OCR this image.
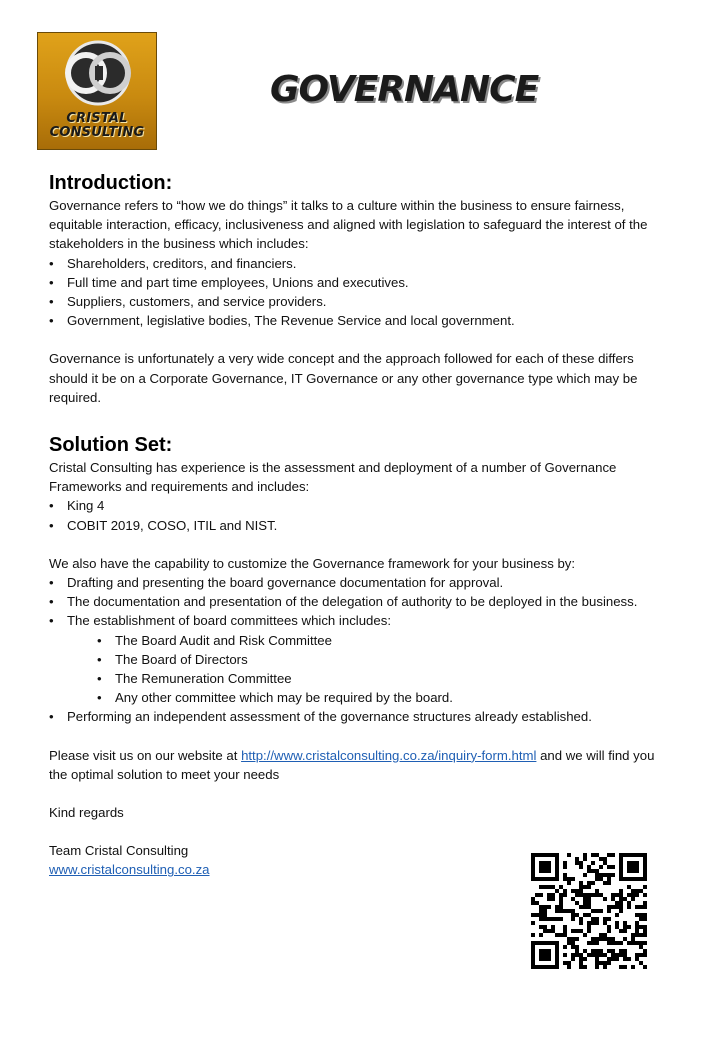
CRISTAL
CONSULTING
GOVERNANCE
Introduction:

Governance refers to “how we do things” it talks to a culture within the business to ensure fairness, equitable interaction, efficacy, inclusiveness and aligned with legislation to safeguard the interest of the stakeholders in the business which includes:

• Shareholders, creditors, and financiers.
• Full time and part time employees, Unions and executives.
• Suppliers, customers, and service providers.
• Government, legislative bodies, The Revenue Service and local government.

Governance is unfortunately a very wide concept and the approach followed for each of these differs should it be on a Corporate Governance, IT Governance or any other governance type which may be required.

Solution Set:

Cristal Consulting has experience is the assessment and deployment of a number of Governance Frameworks and requirements and includes:

• King 4
• COBIT 2019, COSO, ITIL and NIST.

We also have the capability to customize the Governance framework for your business by:

• Drafting and presenting the board governance documentation for approval.
• The documentation and presentation of the delegation of authority to be deployed in the business.
• The establishment of board committees which includes:
• The Board Audit and Risk Committee
• The Board of Directors
• The Remuneration Committee
• Any other committee which may be required by the board.
• Performing an independent assessment of the governance structures already established.

Please visit us on our website at http://www.cristalconsulting.co.za/inquiry-form.html and we will find you the optimal solution to meet your needs

Kind regards

Team Cristal Consulting

www.cristalconsulting.co.za
